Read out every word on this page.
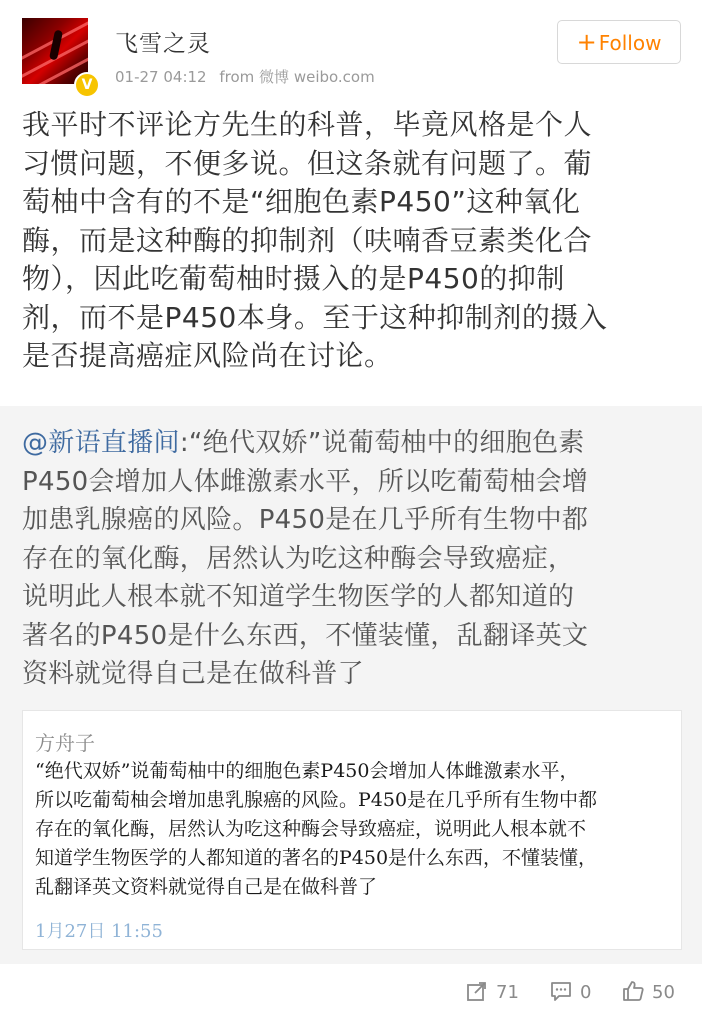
V
飞雪之灵
01-27 04:12 from 微博 weibo.com
+ Follow
我平时不评论方先生的科普，毕竟风格是个人
习惯问题，不便多说。但这条就有问题了。葡
萄柚中含有的不是“细胞色素P450”这种氧化
酶，而是这种酶的抑制剂（呋喃香豆素类化合
物），因此吃葡萄柚时摄入的是P450的抑制
剂，而不是P450本身。至于这种抑制剂的摄入
是否提高癌症风险尚在讨论。
@新语直播间:“绝代双娇”说葡萄柚中的细胞色素
P450会增加人体雌激素水平，所以吃葡萄柚会增
加患乳腺癌的风险。P450是在几乎所有生物中都
存在的氧化酶，居然认为吃这种酶会导致癌症，
说明此人根本就不知道学生物医学的人都知道的
著名的P450是什么东西，不懂装懂，乱翻译英文
资料就觉得自己是在做科普了
方舟子
“绝代双娇”说葡萄柚中的细胞色素P450会增加人体雌激素水平，
所以吃葡萄柚会增加患乳腺癌的风险。P450是在几乎所有生物中都
存在的氧化酶，居然认为吃这种酶会导致癌症，说明此人根本就不
知道学生物医学的人都知道的著名的P450是什么东西，不懂装懂，
乱翻译英文资料就觉得自己是在做科普了
1月27日 11:55
71	0	50
